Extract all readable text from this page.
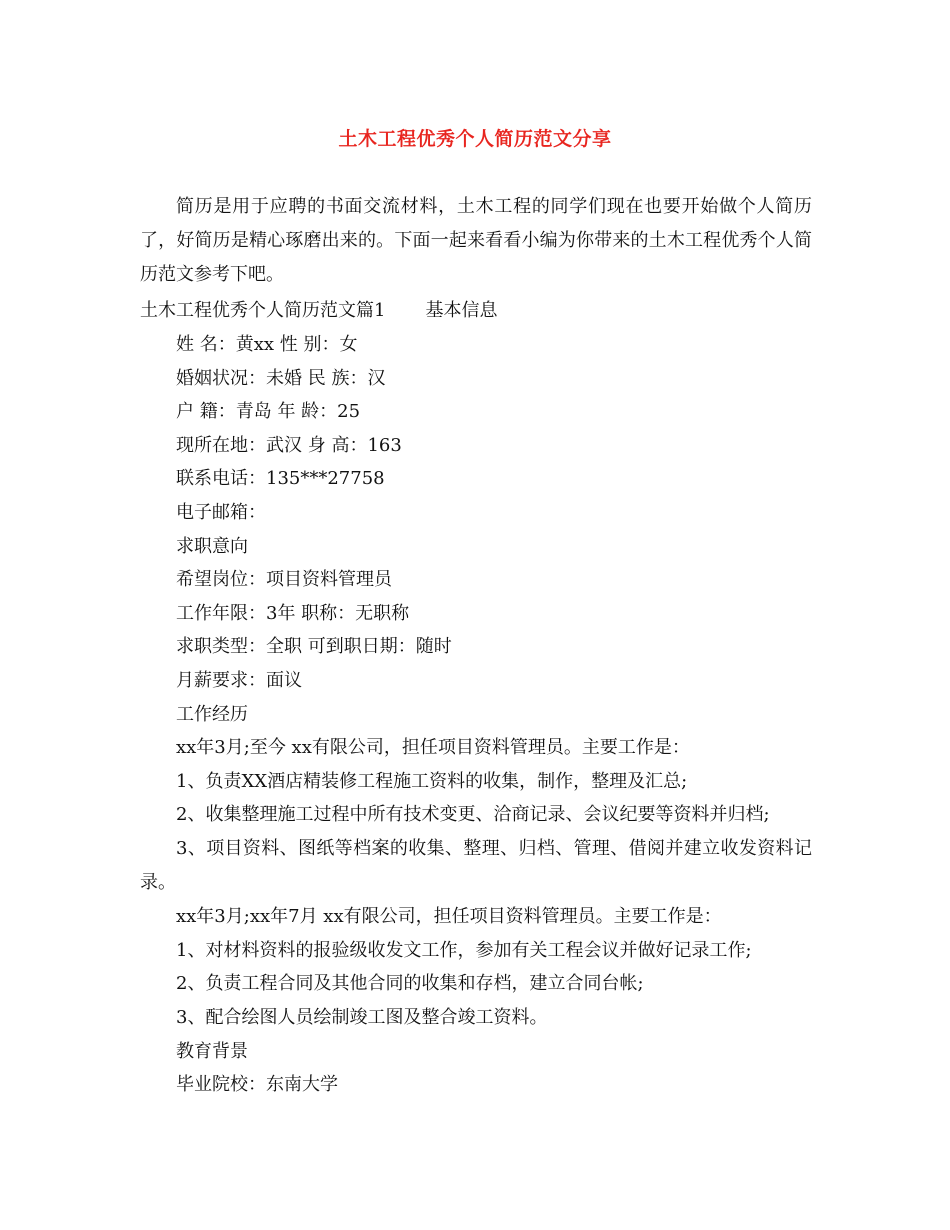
土木工程优秀个人简历范文分享
简历是用于应聘的书面交流材料，土木工程的同学们现在也要开始做个人简历了，好简历是精心琢磨出来的。下面一起来看看小编为你带来的土木工程优秀个人简历范文参考下吧。
土木工程优秀个人简历范文篇1 基本信息
姓 名：黄xx 性 别：女
婚姻状况：未婚 民 族：汉
户 籍：青岛 年 龄：25
现所在地：武汉 身 高：163
联系电话：135***27758
电子邮箱：
求职意向
希望岗位：项目资料管理员
工作年限：3年 职称：无职称
求职类型：全职 可到职日期：随时
月薪要求：面议
工作经历
xx年3月;至今 xx有限公司，担任项目资料管理员。主要工作是：
1、负责XX酒店精装修工程施工资料的收集，制作，整理及汇总;
2、收集整理施工过程中所有技术变更、洽商记录、会议纪要等资料并归档;
3、项目资料、图纸等档案的收集、整理、归档、管理、借阅并建立收发资料记录。
xx年3月;xx年7月 xx有限公司，担任项目资料管理员。主要工作是：
1、对材料资料的报验级收发文工作，参加有关工程会议并做好记录工作;
2、负责工程合同及其他合同的收集和存档，建立合同台帐;
3、配合绘图人员绘制竣工图及整合竣工资料。
教育背景
毕业院校：东南大学
